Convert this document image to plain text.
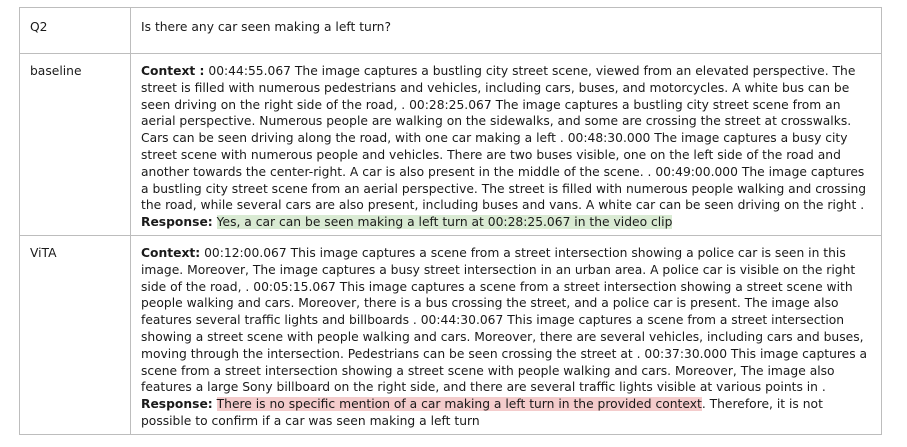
Q2	Is there any car seen making a left turn?
baseline	Context : 00:44:55.067 The image captures a bustling city street scene, viewed from an elevated perspective. The street is filled with numerous pedestrians and vehicles, including cars, buses, and motorcycles. A white bus can be seen driving on the right side of the road, . 00:28:25.067 The image captures a bustling city street scene from an aerial perspective. Numerous people are walking on the sidewalks, and some are crossing the street at crosswalks. Cars can be seen driving along the road, with one car making a left . 00:48:30.000 The image captures a busy city street scene with numerous people and vehicles. There are two buses visible, one on the left side of the road and another towards the center-right. A car is also present in the middle of the scene. . 00:49:00.000 The image captures a bustling city street scene from an aerial perspective. The street is filled with numerous people walking and crossing the road, while several cars are also present, including buses and vans. A white car can be seen driving on the right .
Response: Yes, a car can be seen making a left turn at 00:28:25.067 in the video clip
ViTA	Context: 00:12:00.067 This image captures a scene from a street intersection showing a police car is seen in this image. Moreover, The image captures a busy street intersection in an urban area. A police car is visible on the right side of the road, . 00:05:15.067 This image captures a scene from a street intersection showing a street scene with people walking and cars. Moreover, there is a bus crossing the street, and a police car is present. The image also features several traffic lights and billboards . 00:44:30.067 This image captures a scene from a street intersection showing a street scene with people walking and cars. Moreover, there are several vehicles, including cars and buses, moving through the intersection. Pedestrians can be seen crossing the street at . 00:37:30.000 This image captures a scene from a street intersection showing a street scene with people walking and cars. Moreover, The image also features a large Sony billboard on the right side, and there are several traffic lights visible at various points in .
Response: There is no specific mention of a car making a left turn in the provided context. Therefore, it is not possible to confirm if a car was seen making a left turn
